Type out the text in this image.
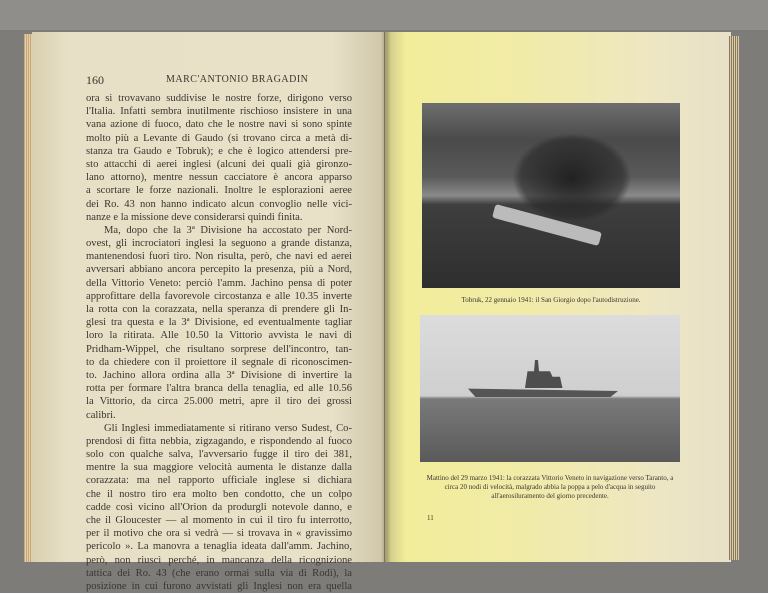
160	MARC'ANTONIO BRAGADIN
ora si trovavano suddivise le nostre forze, dirigono verso
l'Italia. Infatti sembra inutilmente rischioso insistere in una
vana azione di fuoco, dato che le nostre navi si sono spinte
molto più a Levante di Gaudo (si trovano circa a metà di-
stanza tra Gaudo e Tobruk); e che è logico attendersi pre-
sto attacchi di aerei inglesi (alcuni dei quali già gironzo-
lano attorno), mentre nessun cacciatore è ancora apparso
a scortare le forze nazionali. Inoltre le esplorazioni aeree
dei Ro. 43 non hanno indicato alcun convoglio nelle vici-
nanze e la missione deve considerarsi quindi finita.
Ma, dopo che la 3ª Divisione ha accostato per Nord-
ovest, gli incrociatori inglesi la seguono a grande distanza,
mantenendosi fuori tiro. Non risulta, però, che navi ed aerei
avversari abbiano ancora percepito la presenza, più a Nord,
della Vittorio Veneto: perciò l'amm. Jachino pensa di poter
approfittare della favorevole circostanza e alle 10.35 inverte
la rotta con la corazzata, nella speranza di prendere gli In-
glesi tra questa e la 3ª Divisione, ed eventualmente tagliar
loro la ritirata. Alle 10.50 la Vittorio avvista le navi di
Pridham-Wippel, che risultano sorprese dell'incontro, tan-
to da chiedere con il proiettore il segnale di riconoscimen-
to. Jachino allora ordina alla 3ª Divisione di invertire la
rotta per formare l'altra branca della tenaglia, ed alle 10.56
la Vittorio, da circa 25.000 metri, apre il tiro dei grossi
calibri.
Gli Inglesi immediatamente si ritirano verso Sudest, Co-
prendosi di fitta nebbia, zigzagando, e rispondendo al fuoco
solo con qualche salva, l'avversario fugge il tiro dei 381,
mentre la sua maggiore velocità aumenta le distanze dalla
corazzata: ma nel rapporto ufficiale inglese si dichiara
che il nostro tiro era molto ben condotto, che un colpo
cadde così vicino all'Orion da produrgli notevole danno, e
che il Gloucester — al momento in cui il tiro fu interrotto,
per il motivo che ora si vedrà — si trovava in « gravissimo
pericolo ». La manovra a tenaglia ideata dall'amm. Jachino,
però, non riuscì perché, in mancanza della ricognizione
tattica dei Ro. 43 (che erano ormai sulla via di Rodi), la
posizione in cui furono avvistati gli Inglesi non era quella
Tobruk, 22 gennaio 1941: il San Giorgio dopo l'autodistruzione.
Mattino del 29 marzo 1941: la corazzata Vittorio Veneto in navigazione verso Taranto, a circa 20 nodi di velocità, malgrado abbia la poppa a pelo d'acqua in seguito all'aerosiluramento del giorno precedente.
11
